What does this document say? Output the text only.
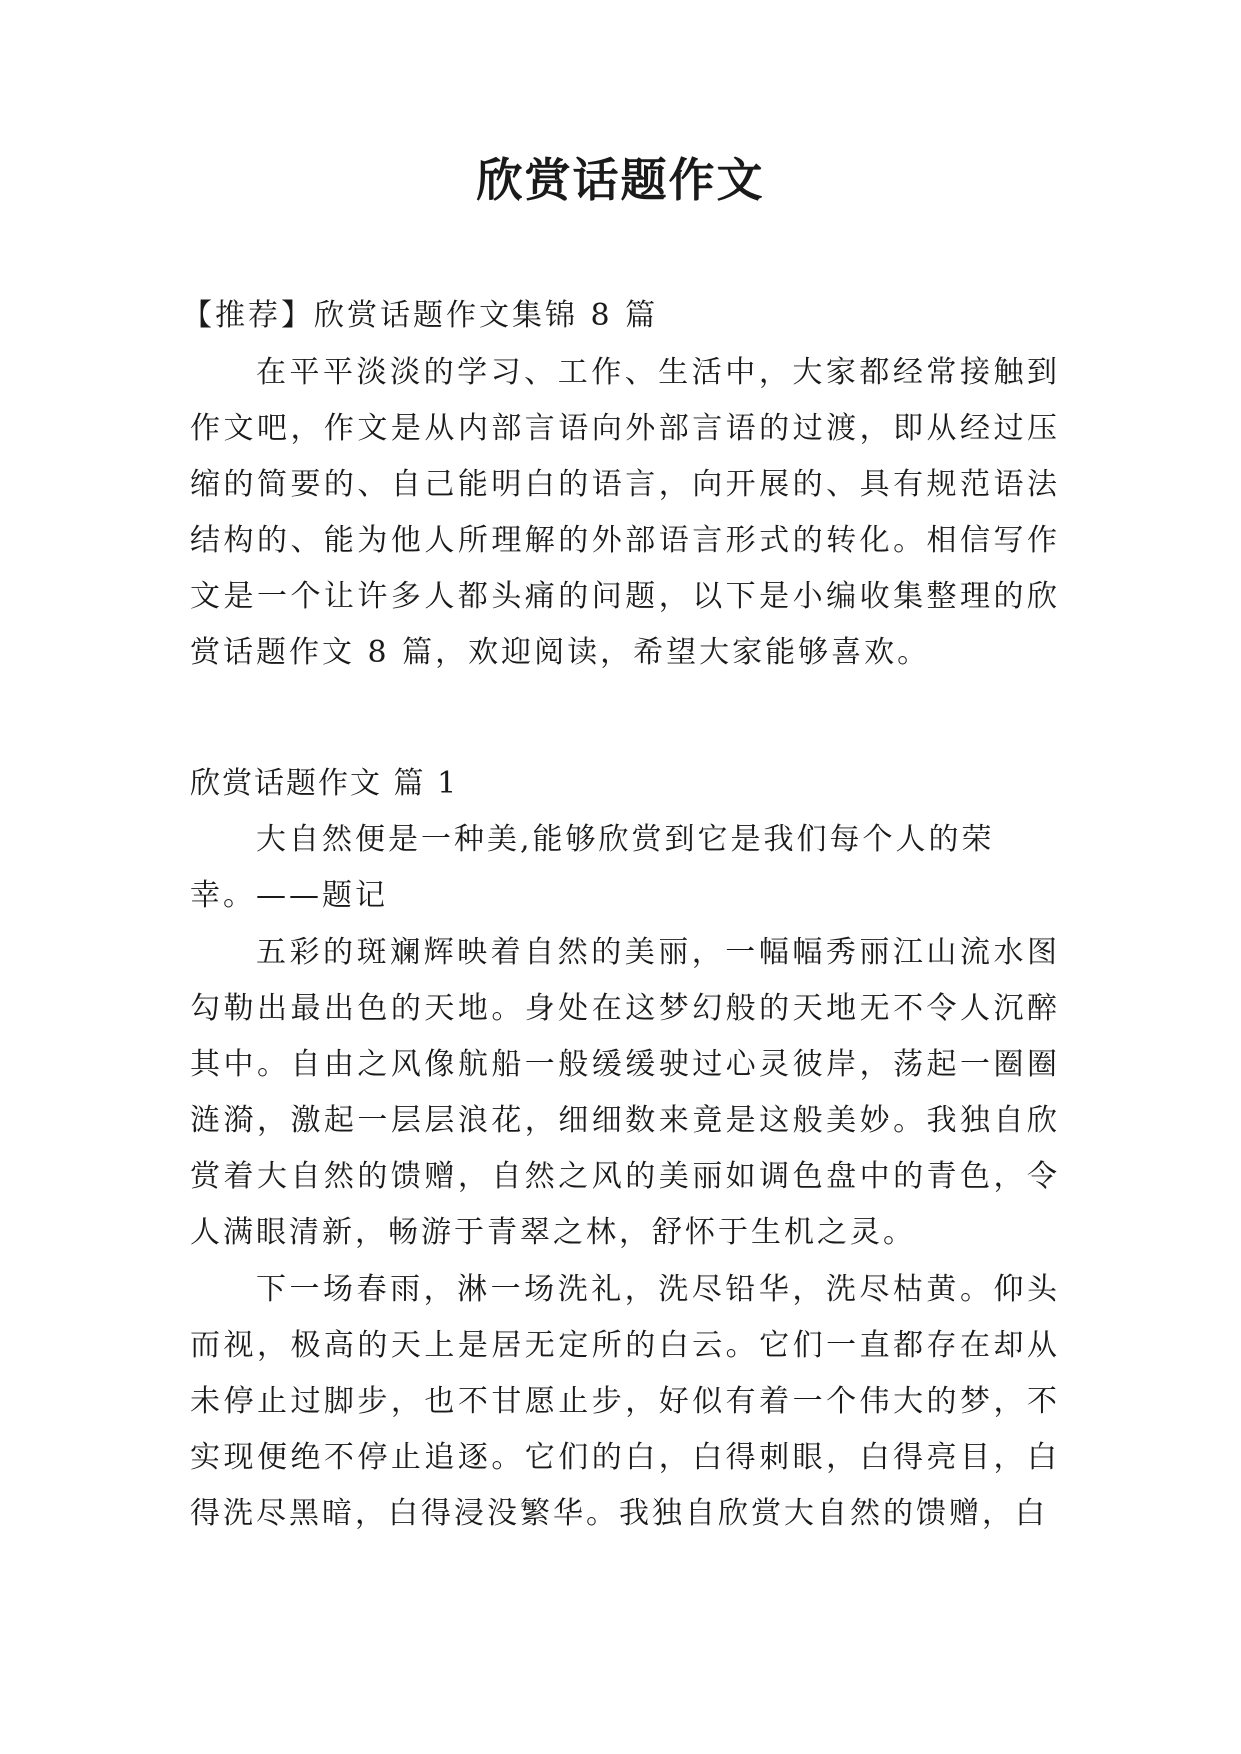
欣赏话题作文

【推荐】欣赏话题作文集锦 8 篇

在平平淡淡的学习、工作、生活中，大家都经常接触到作文吧，作文是从内部言语向外部言语的过渡，即从经过压缩的简要的、自己能明白的语言，向开展的、具有规范语法结构的、能为他人所理解的外部语言形式的转化。相信写作文是一个让许多人都头痛的问题，以下是小编收集整理的欣赏话题作文 8 篇，欢迎阅读，希望大家能够喜欢。

欣赏话题作文 篇 1

大自然便是一种美,能够欣赏到它是我们每个人的荣幸。 ——题记

五彩的斑斓辉映着自然的美丽，一幅幅秀丽江山流水图勾勒出最出色的天地。身处在这梦幻般的天地无不令人沉醉其中。自由之风像航船一般缓缓驶过心灵彼岸，荡起一圈圈涟漪，激起一层层浪花，细细数来竟是这般美妙。我独自欣赏着大自然的馈赠，自然之风的美丽如调色盘中的青色，令人满眼清新，畅游于青翠之林，舒怀于生机之灵。

下一场春雨，淋一场洗礼，洗尽铅华，洗尽枯黄。仰头而视，极高的天上是居无定所的白云。它们一直都存在却从未停止过脚步，也不甘愿止步，好似有着一个伟大的梦，不实现便绝不停止追逐。它们的白，白得刺眼，白得亮目，白得洗尽黑暗，白得浸没繁华。我独自欣赏大自然的馈赠，白
